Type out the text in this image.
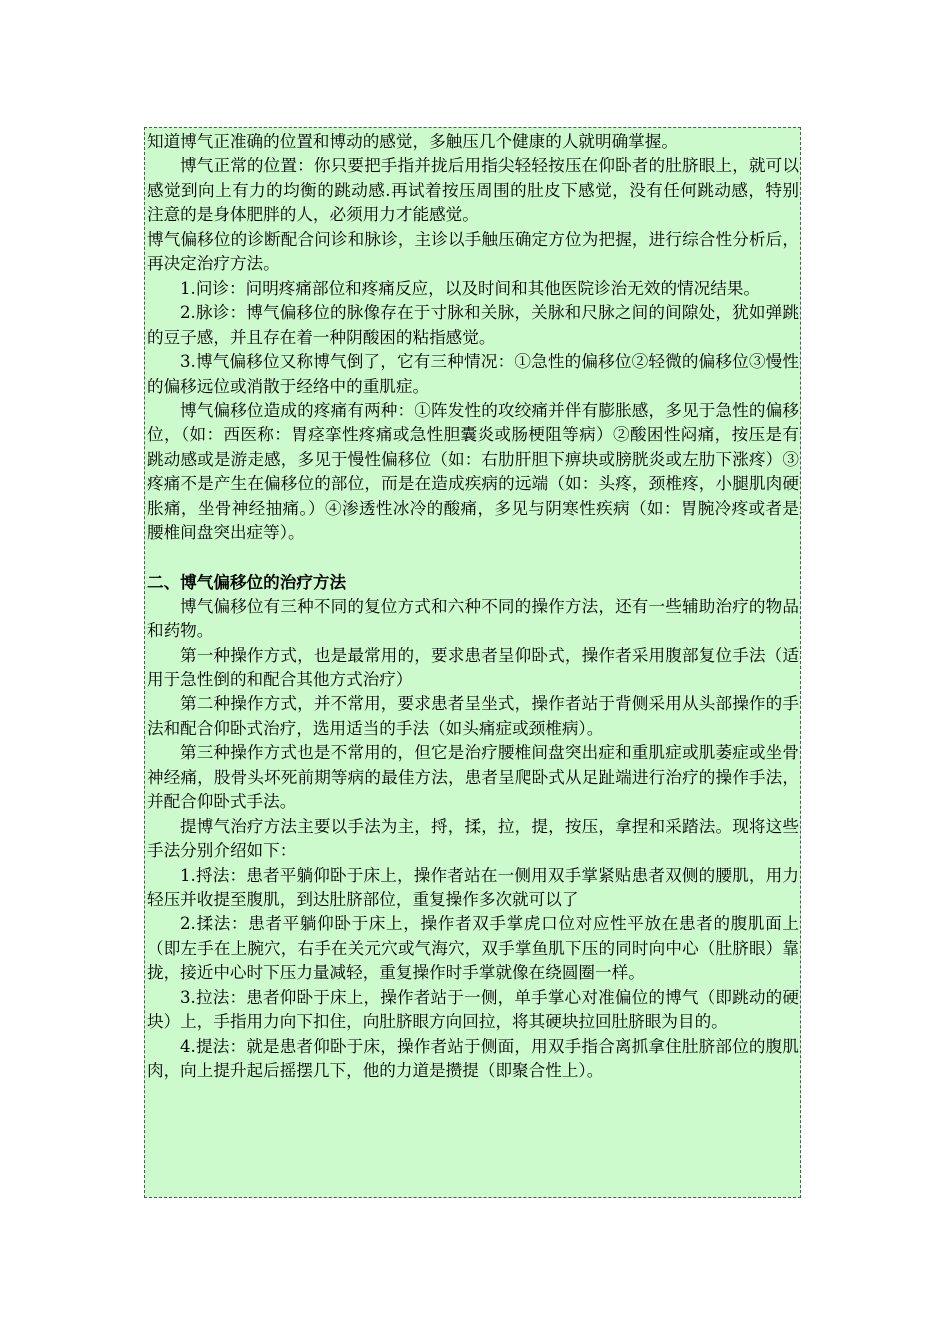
知道博气正准确的位置和博动的感觉，多触压几个健康的人就明确掌握。

博气正常的位置：你只要把手指并拢后用指尖轻轻按压在仰卧者的肚脐眼上，就可以感觉到向上有力的均衡的跳动感.再试着按压周围的肚皮下感觉，没有任何跳动感，特别注意的是身体肥胖的人，必须用力才能感觉。

博气偏移位的诊断配合问诊和脉诊，主诊以手触压确定方位为把握，进行综合性分析后，再决定治疗方法。

1.问诊：问明疼痛部位和疼痛反应，以及时间和其他医院诊治无效的情况结果。

2.脉诊：博气偏移位的脉像存在于寸脉和关脉，关脉和尺脉之间的间隙处，犹如弹跳的豆子感，并且存在着一种阴酸困的粘指感觉。

3.博气偏移位又称博气倒了，它有三种情况：①急性的偏移位②轻微的偏移位③慢性的偏移远位或消散于经络中的重肌症。

博气偏移位造成的疼痛有两种：①阵发性的攻绞痛并伴有膨胀感，多见于急性的偏移位，（如：西医称：胃痉挛性疼痛或急性胆囊炎或肠梗阻等病）②酸困性闷痛，按压是有跳动感或是游走感，多见于慢性偏移位（如：右肋肝胆下痹块或膀胱炎或左肋下涨疼）③疼痛不是产生在偏移位的部位，而是在造成疾病的远端（如：头疼，颈椎疼，小腿肌肉硬胀痛，坐骨神经抽痛。）④渗透性冰冷的酸痛，多见与阴寒性疾病（如：胃腕冷疼或者是腰椎间盘突出症等）。

二、博气偏移位的治疗方法

博气偏移位有三种不同的复位方式和六种不同的操作方法，还有一些辅助治疗的物品和药物。

第一种操作方式，也是最常用的，要求患者呈仰卧式，操作者采用腹部复位手法（适用于急性倒的和配合其他方式治疗）

第二种操作方式，并不常用，要求患者呈坐式，操作者站于背侧采用从头部操作的手法和配合仰卧式治疗，选用适当的手法（如头痛症或颈椎病）。

第三种操作方式也是不常用的，但它是治疗腰椎间盘突出症和重肌症或肌萎症或坐骨神经痛，股骨头坏死前期等病的最佳方法，患者呈爬卧式从足趾端进行治疗的操作手法，并配合仰卧式手法。

提博气治疗方法主要以手法为主，捋，揉，拉，提，按压，拿捏和采踏法。现将这些手法分别介绍如下：

1.捋法：患者平躺仰卧于床上，操作者站在一侧用双手掌紧贴患者双侧的腰肌，用力轻压并收提至腹肌，到达肚脐部位，重复操作多次就可以了

2.揉法：患者平躺仰卧于床上，操作者双手掌虎口位对应性平放在患者的腹肌面上（即左手在上腕穴，右手在关元穴或气海穴，双手掌鱼肌下压的同时向中心（肚脐眼）靠拢，接近中心时下压力量减轻，重复操作时手掌就像在绕圆圈一样。

3.拉法：患者仰卧于床上，操作者站于一侧，单手掌心对准偏位的博气（即跳动的硬块）上，手指用力向下扣住，向肚脐眼方向回拉，将其硬块拉回肚脐眼为目的。

4.提法：就是患者仰卧于床，操作者站于侧面，用双手指合离抓拿住肚脐部位的腹肌肉，向上提升起后摇摆几下，他的力道是攒提（即聚合性上）。
